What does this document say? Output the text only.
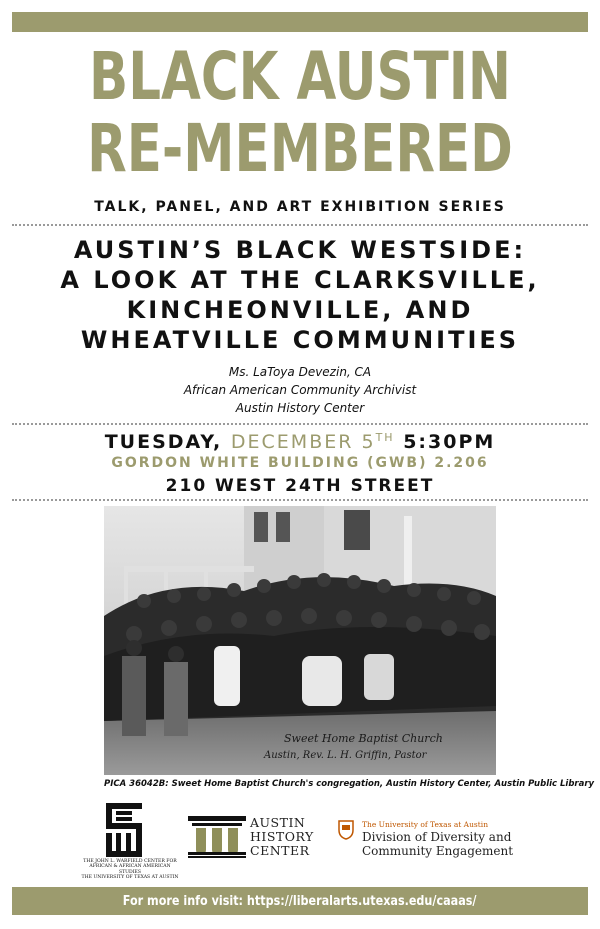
BLACK AUSTIN
RE-MEMBERED
TALK, PANEL, AND ART EXHIBITION SERIES
AUSTIN’S BLACK WESTSIDE:
A LOOK AT THE CLARKSVILLE,
KINCHEONVILLE, AND
WHEATVILLE COMMUNITIES
Ms. LaToya Devezin, CA
African American Community Archivist
Austin History Center
TUESDAY, DECEMBER 5TH 5:30PM
GORDON WHITE BUILDING (GWB) 2.206
210 WEST 24TH STREET
Sweet Home Baptist Church
Austin, Rev. L. H. Griffin, Pastor
PICA 36042B: Sweet Home Baptist Church's congregation, Austin History Center, Austin Public Library
THE JOHN L. WARFIELD CENTER FOR
AFRICAN & AFRICAN AMERICAN STUDIES
THE UNIVERSITY OF TEXAS AT AUSTIN
AUSTIN
HISTORY
CENTER
The University of Texas at Austin
Division of Diversity and
Community Engagement
For more info visit: https://liberalarts.utexas.edu/caaas/
